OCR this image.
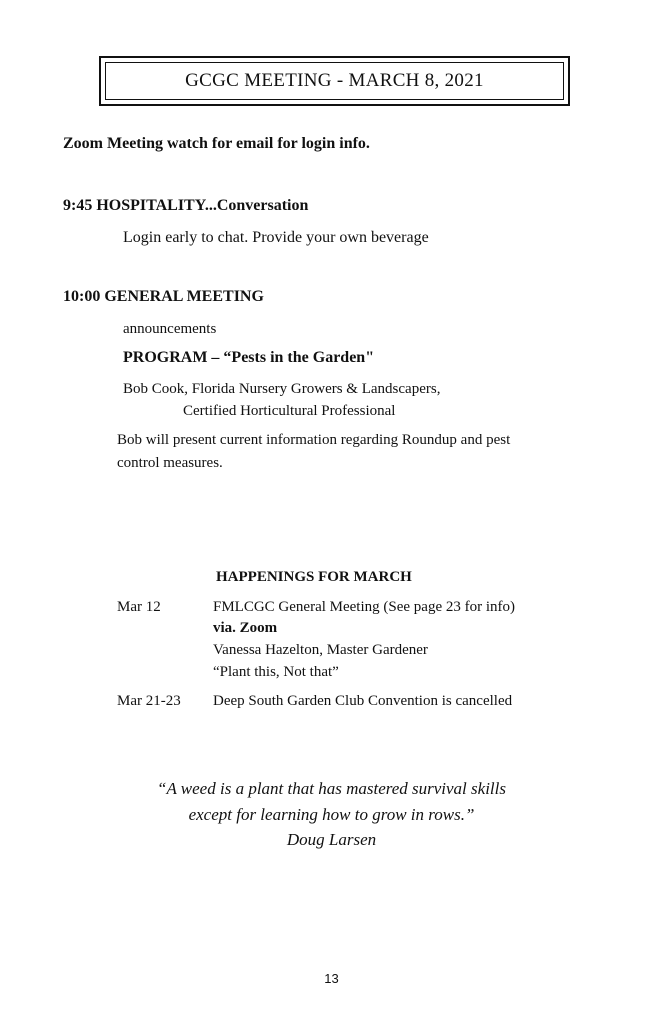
GCGC MEETING - MARCH 8, 2021
Zoom Meeting watch for email for login info.
9:45 HOSPITALITY...Conversation
Login early to chat. Provide your own beverage
10:00 GENERAL MEETING
announcements
PROGRAM – “Pests in the Garden"
Bob Cook, Florida Nursery Growers & Landscapers,
Certified Horticultural Professional
Bob will present current information regarding Roundup and pest
control measures.
HAPPENINGS FOR MARCH
Mar 12	FMLCGC General Meeting (See page 23 for info)
via. Zoom
Vanessa Hazelton, Master Gardener
“Plant this, Not that”
Mar 21-23 Deep South Garden Club Convention is cancelled
“A weed is a plant that has mastered survival skills
except for learning how to grow in rows.”
Doug Larsen
13
